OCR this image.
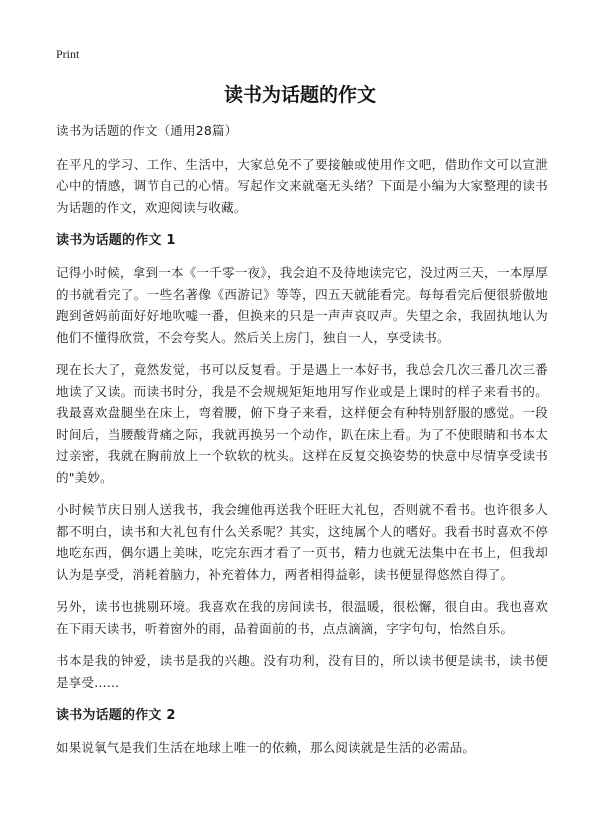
Print
读书为话题的作文

读书为话题的作文（通用28篇）

在平凡的学习、工作、生活中，大家总免不了要接触或使用作文吧，借助作文可以宣泄心中的情感，调节自己的心情。写起作文来就毫无头绪？下面是小编为大家整理的读书为话题的作文，欢迎阅读与收藏。

读书为话题的作文 1

记得小时候，拿到一本《一千零一夜》，我会迫不及待地读完它，没过两三天，一本厚厚的书就看完了。一些名著像《西游记》等等，四五天就能看完。每每看完后便很骄傲地跑到爸妈前面好好地吹嘘一番，但换来的只是一声声哀叹声。失望之余，我固执地认为他们不懂得欣赏，不会夸奖人。然后关上房门，独自一人，享受读书。

现在长大了，竟然发觉，书可以反复看。于是遇上一本好书，我总会几次三番几次三番地读了又读。而读书时分，我是不会规规矩矩地用写作业或是上课时的样子来看书的。我最喜欢盘腿坐在床上，弯着腰，俯下身子来看，这样便会有种特别舒服的感觉。一段时间后，当腰酸背痛之际，我就再换另一个动作，趴在床上看。为了不使眼睛和书本太过亲密，我就在胸前放上一个软软的枕头。这样在反复交换姿势的快意中尽情享受读书的"美妙。

小时候节庆日别人送我书，我会缠他再送我个旺旺大礼包，否则就不看书。也许很多人都不明白，读书和大礼包有什么关系呢？其实，这纯属个人的嗜好。我看书时喜欢不停地吃东西，偶尔遇上美味，吃完东西才看了一页书，精力也就无法集中在书上，但我却认为是享受，消耗着脑力，补充着体力，两者相得益彰，读书便显得悠然自得了。

另外，读书也挑剔环境。我喜欢在我的房间读书，很温暖，很松懈，很自由。我也喜欢在下雨天读书，听着窗外的雨，品着面前的书，点点滴滴，字字句句，怡然自乐。

书本是我的钟爱，读书是我的兴趣。没有功利，没有目的，所以读书便是读书，读书便是享受……

读书为话题的作文 2

如果说氧气是我们生活在地球上唯一的依赖，那么阅读就是生活的必需品。
